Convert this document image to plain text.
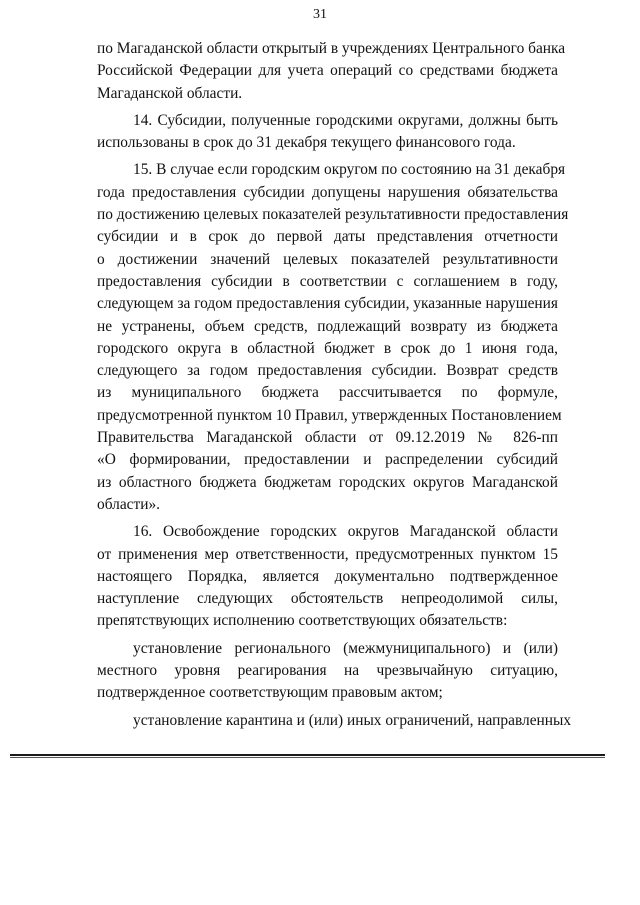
31
по Магаданской области открытый в учреждениях Центрального банка
Российской Федерации для учета операций со средствами бюджета
Магаданской области.
14. Субсидии, полученные городскими округами, должны быть
использованы в срок до 31 декабря текущего финансового года.
15. В случае если городским округом по состоянию на 31 декабря
года предоставления субсидии допущены нарушения обязательства
по достижению целевых показателей результативности предоставления
субсидии и в срок до первой даты представления отчетности
о достижении значений целевых показателей результативности
предоставления субсидии в соответствии с соглашением в году,
следующем за годом предоставления субсидии, указанные нарушения
не устранены, объем средств, подлежащий возврату из бюджета
городского округа в областной бюджет в срок до 1 июня года,
следующего за годом предоставления субсидии. Возврат средств
из муниципального бюджета рассчитывается по формуле,
предусмотренной пунктом 10 Правил, утвержденных Постановлением
Правительства Магаданской области от 09.12.2019 № 826-пп
«О формировании, предоставлении и распределении субсидий
из областного бюджета бюджетам городских округов Магаданской
области».
16. Освобождение городских округов Магаданской области
от применения мер ответственности, предусмотренных пунктом 15
настоящего Порядка, является документально подтвержденное
наступление следующих обстоятельств непреодолимой силы,
препятствующих исполнению соответствующих обязательств:
установление регионального (межмуниципального) и (или)
местного уровня реагирования на чрезвычайную ситуацию,
подтвержденное соответствующим правовым актом;
установление карантина и (или) иных ограничений, направленных
